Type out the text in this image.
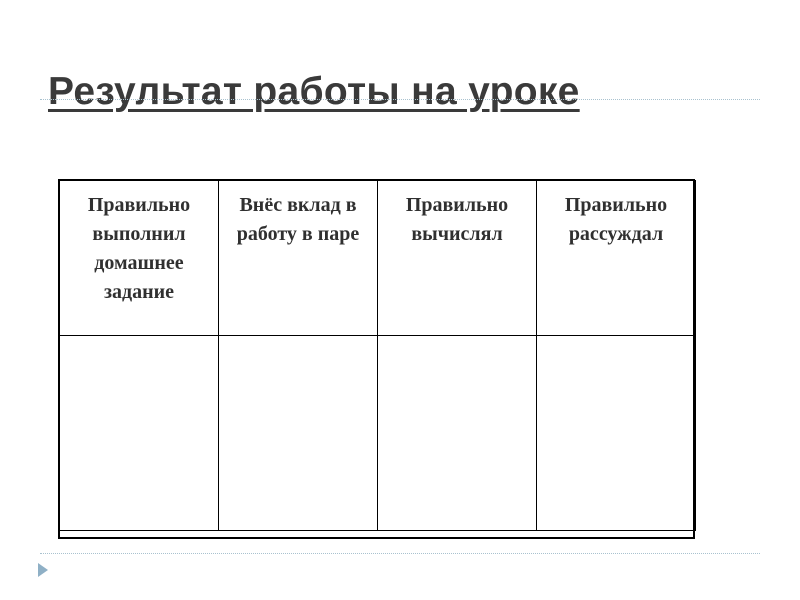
Результат работы на уроке
Правильно выполнил домашнее задание	Внёс вклад в работу в паре	Правильно вычислял	Правильно рассуждал
